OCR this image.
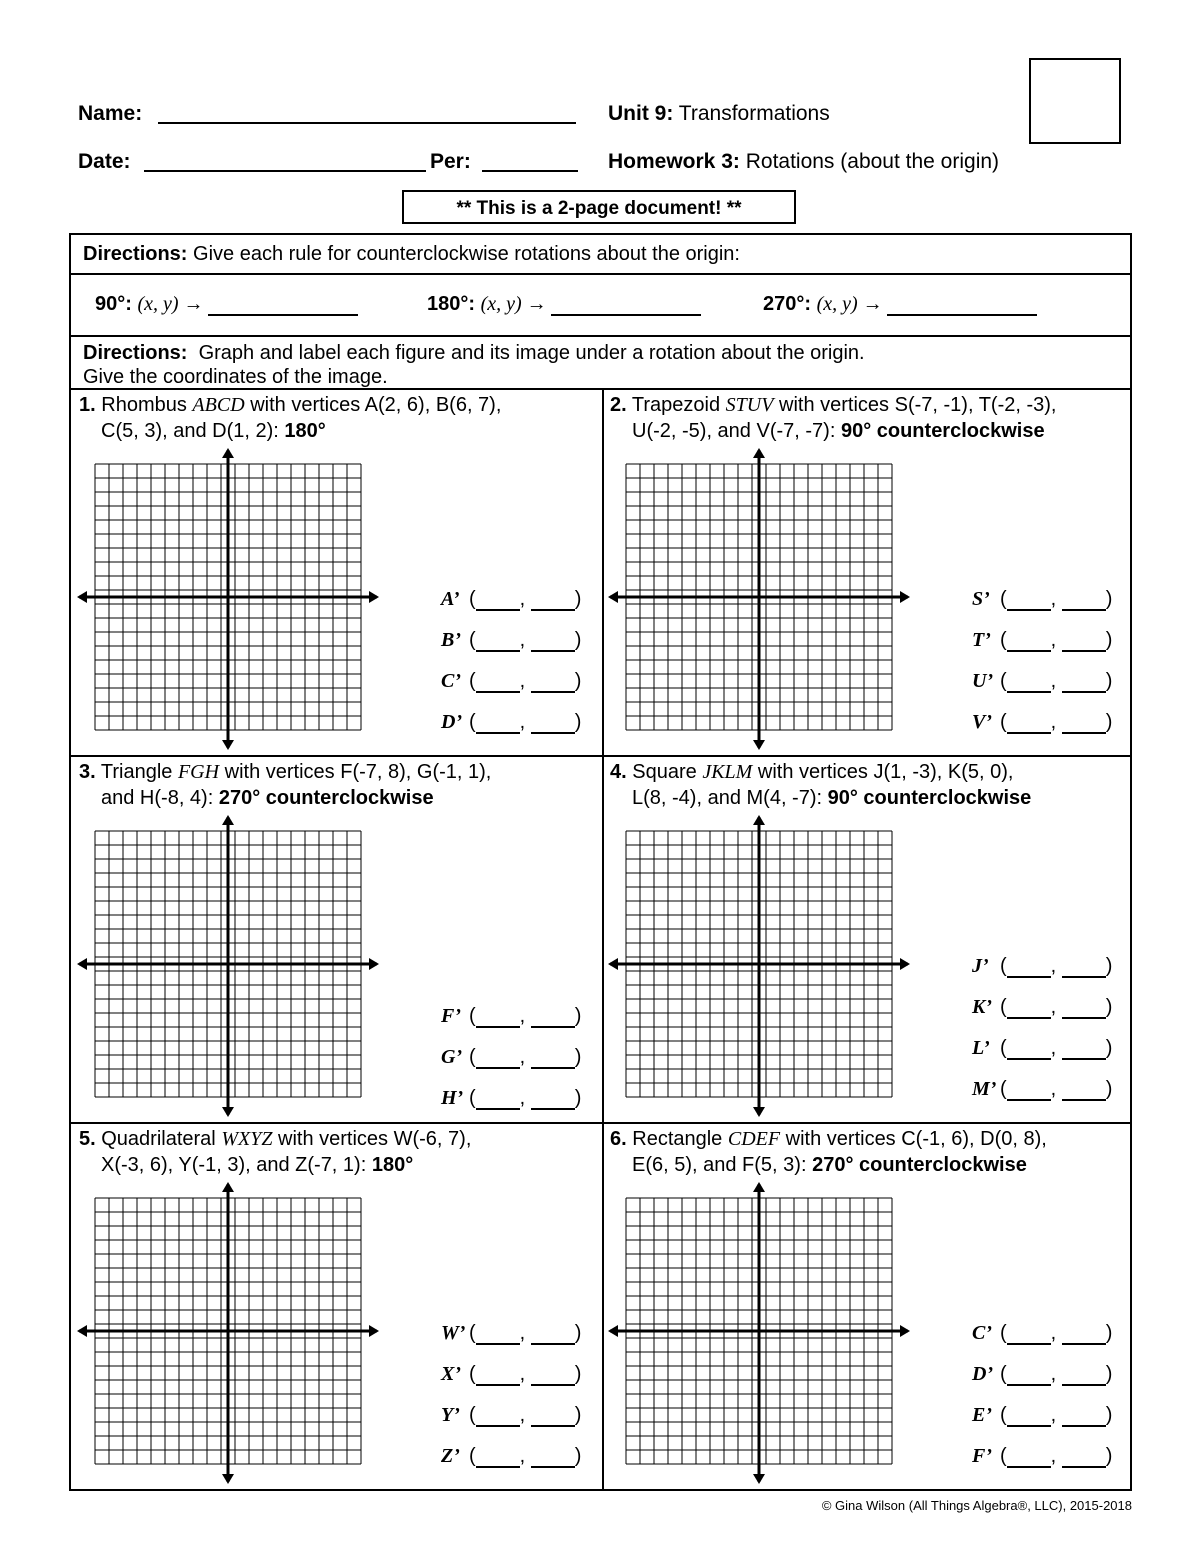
Name:
Date:	Per:
Unit 9: Transformations
Homework 3: Rotations (about the origin)
** This is a 2-page document! **
Directions: Give each rule for counterclockwise rotations about the origin:
90°: (x, y) →	180°: (x, y) →	270°: (x, y) →
Directions: Graph and label each figure and its image under a rotation about the origin.
Give the coordinates of the image.
1. Rhombus ABCD with vertices A(2, 6), B(6, 7),
C(5, 3), and D(1, 2): 180°
A’ ( , )
B’ ( , )
C’ ( , )
D’ ( , )
2. Trapezoid STUV with vertices S(-7, -1), T(-2, -3),
U(-2, -5), and V(-7, -7): 90° counterclockwise
S’ ( , )
T’ ( , )
U’ ( , )
V’ ( , )
3. Triangle FGH with vertices F(-7, 8), G(-1, 1),
and H(-8, 4): 270° counterclockwise
F’ ( , )
G’ ( , )
H’ ( , )
4. Square JKLM with vertices J(1, -3), K(5, 0),
L(8, -4), and M(4, -7): 90° counterclockwise
J’ ( , )
K’ ( , )
L’ ( , )
M’ ( , )
5. Quadrilateral WXYZ with vertices W(-6, 7),
X(-3, 6), Y(-1, 3), and Z(-7, 1): 180°
W’ ( , )
X’ ( , )
Y’ ( , )
Z’ ( , )
6. Rectangle CDEF with vertices C(-1, 6), D(0, 8),
E(6, 5), and F(5, 3): 270° counterclockwise
C’ ( , )
D’ ( , )
E’ ( , )
F’ ( , )
© Gina Wilson (All Things Algebra®, LLC), 2015-2018
